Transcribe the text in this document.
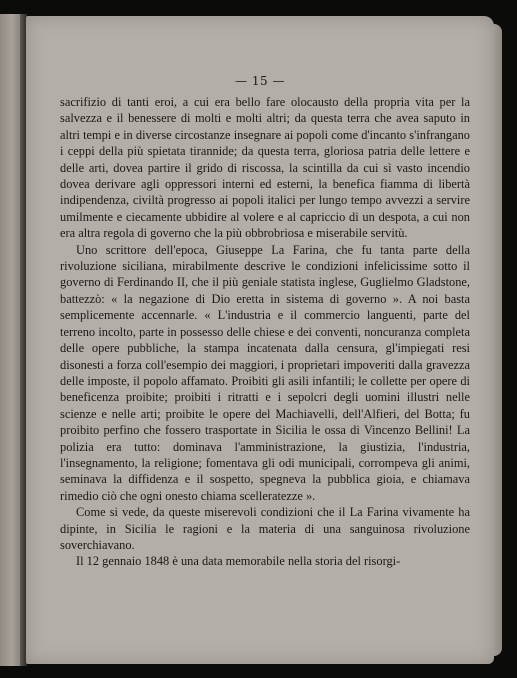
— 15 —

sacrifizio di tanti eroi, a cui era bello fare olocausto della propria vita per la salvezza e il benessere di molti e molti altri; da questa terra che avea saputo in altri tempi e in diverse circostanze insegnare ai popoli come d'incanto s'infrangano i ceppi della più spietata tirannide; da questa terra, gloriosa patria delle lettere e delle arti, dovea partire il grido di riscossa, la scintilla da cui sì vasto incendio dovea derivare agli oppressori interni ed esterni, la benefica fiamma di libertà indipendenza, civiltà progresso ai popoli italici per lungo tempo avvezzi a servire umilmente e ciecamente ubbidire al volere e al capriccio di un despota, a cui non era altra regola di governo che la più obbrobriosa e miserabile servitù.

Uno scrittore dell'epoca, Giuseppe La Farina, che fu tanta parte della rivoluzione siciliana, mirabilmente descrive le condizioni infelicissime sotto il governo di Ferdinando II, che il più geniale statista inglese, Guglielmo Gladstone, battezzò: « la negazione di Dio eretta in sistema di governo ». A noi basta semplicemente accennarle. « L'industria e il commercio languenti, parte del terreno incolto, parte in possesso delle chiese e dei conventi, noncuranza completa delle opere pubbliche, la stampa incatenata dalla censura, gl'impiegati resi disonesti a forza coll'esempio dei maggiori, i proprietari impoveriti dalla gravezza delle imposte, il popolo affamato. Proibiti gli asili infantili; le collette per opere di beneficenza proibite; proibiti i ritratti e i sepolcri degli uomini illustri nelle scienze e nelle arti; proibite le opere del Machiavelli, dell'Alfieri, del Botta; fu proibito perfino che fossero trasportate in Sicilia le ossa di Vincenzo Bellini! La polizia era tutto: dominava l'amministrazione, la giustizia, l'industria, l'insegnamento, la religione; fomentava gli odi municipali, corrompeva gli animi, seminava la diffidenza e il sospetto, spegneva la pubblica gioia, e chiamava rimedio ciò che ogni onesto chiama scelleratezze ».

Come si vede, da queste miserevoli condizioni che il La Farina vivamente ha dipinte, in Sicilia le ragioni e la materia di una sanguinosa rivoluzione soverchiavano.

Il 12 gennaio 1848 è una data memorabile nella storia del risorgi-
